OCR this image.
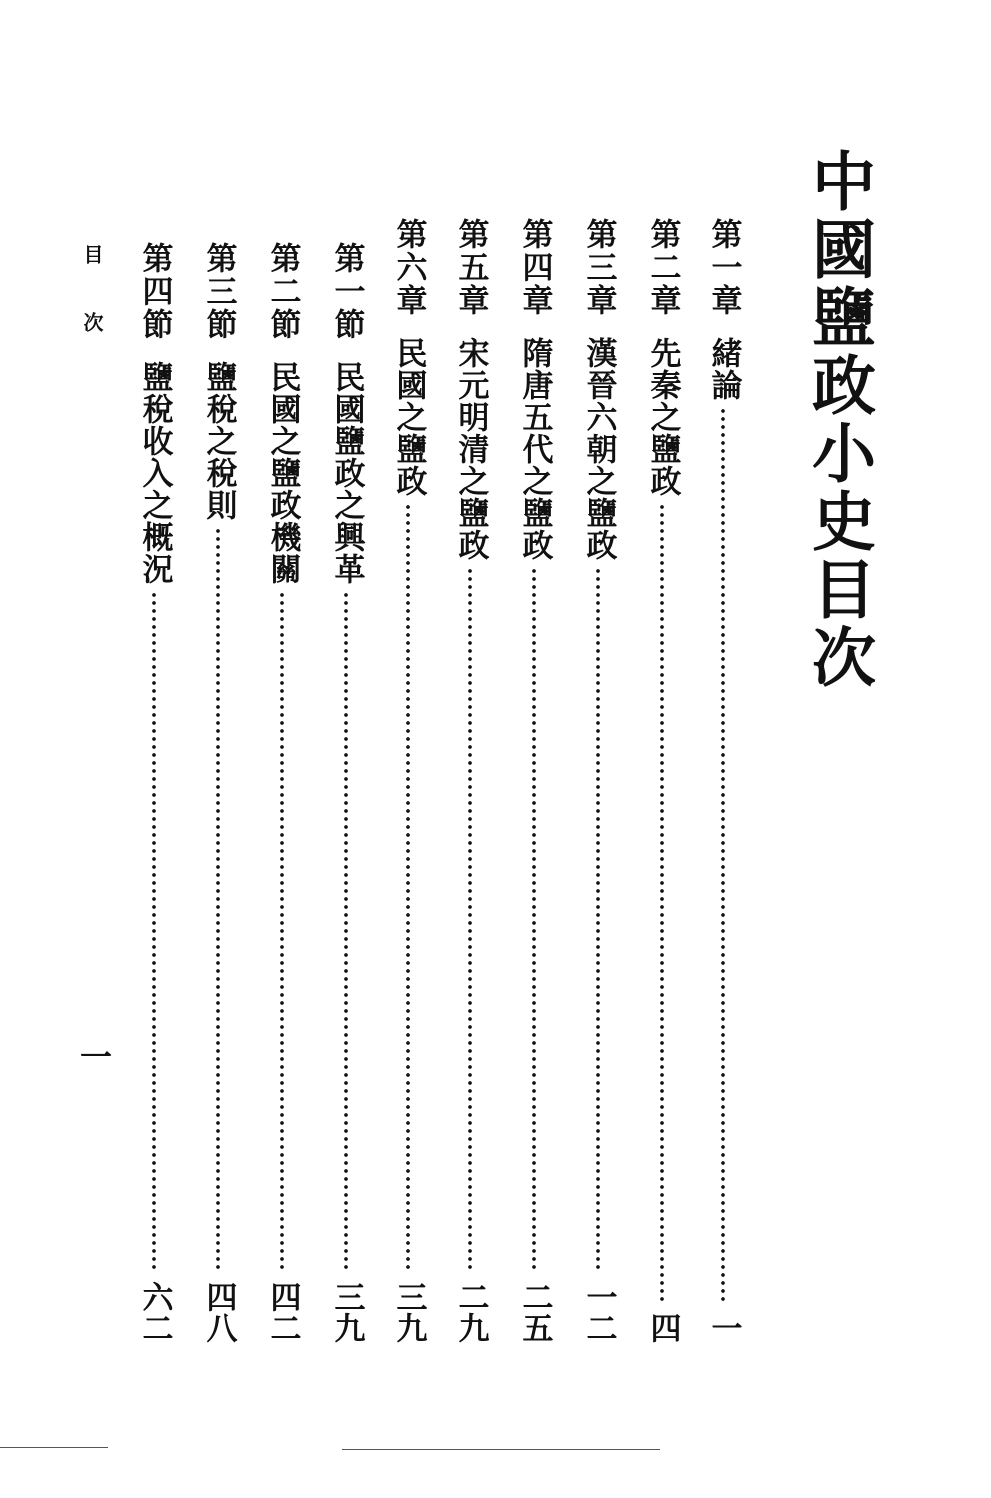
中國鹽政小史目次
第一章
緒論
一
第二章
先秦之鹽政
四
第三章
漢晉六朝之鹽政
一二
第四章
隋唐五代之鹽政
二五
第五章
宋元明清之鹽政
二九
第六章
民國之鹽政
三九
第一節
民國鹽政之興革
三九
第二節
民國之鹽政機關
四二
第三節
鹽稅之稅則
四八
第四節
鹽稅收入之概況
六二
目次
一
